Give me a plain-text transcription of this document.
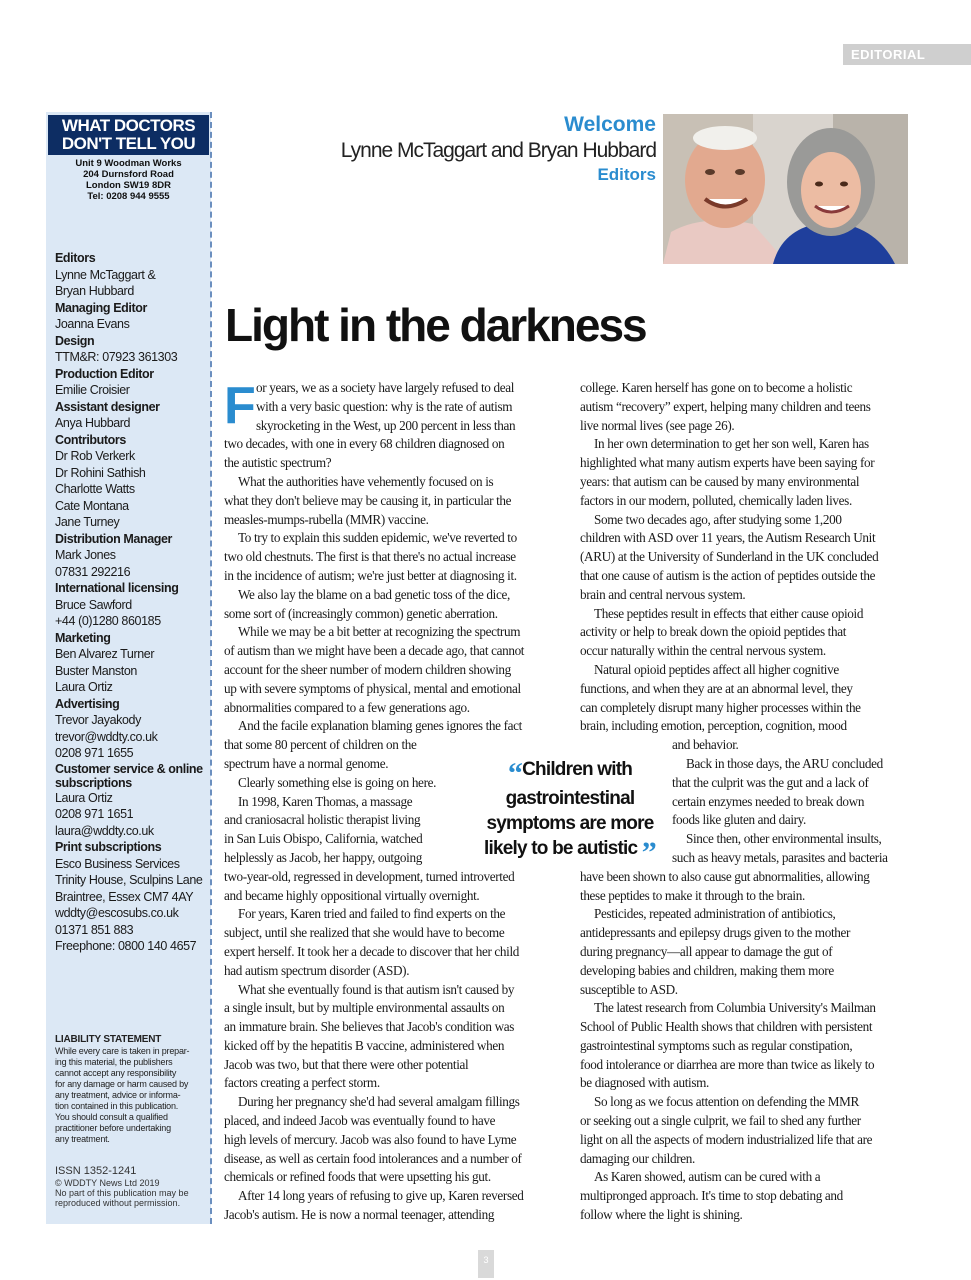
EDITORIAL
WHAT DOCTORS
DON'T TELL YOU
Unit 9 Woodman Works
204 Durnsford Road
London SW19 8DR
Tel: 0208 944 9555
Editors
Lynne McTaggart &
Bryan Hubbard
Managing Editor
Joanna Evans
Design
TTM&R: 07923 361303
Production Editor
Emilie Croisier
Assistant designer
Anya Hubbard
Contributors
Dr Rob Verkerk
Dr Rohini Sathish
Charlotte Watts
Cate Montana
Jane Turney
Distribution Manager
Mark Jones
07831 292216
International licensing
Bruce Sawford
+44 (0)1280 860185
Marketing
Ben Alvarez Turner
Buster Manston
Laura Ortiz
Advertising
Trevor Jayakody
trevor@wddty.co.uk
0208 971 1655
Customer service & online subscriptions
Laura Ortiz
0208 971 1651
laura@wddty.co.uk
Print subscriptions
Esco Business Services
Trinity House, Sculpins Lane
Braintree, Essex CM7 4AY
wddty@escosubs.co.uk
01371 851 883
Freephone: 0800 140 4657
LIABILITY STATEMENT
While every care is taken in prepar-
ing this material, the publishers
cannot accept any responsibility
for any damage or harm caused by
any treatment, advice or informa-
tion contained in this publication.
You should consult a qualified
practitioner before undertaking
any treatment.
ISSN 1352-1241
© WDDTY News Ltd 2019
No part of this publication may be
reproduced without permission.
Welcome
Lynne McTaggart and Bryan Hubbard
Editors
Light in the darkness
F or years, we as a society have largely refused to deal

with a very basic question: why is the rate of autism

skyrocketing in the West, up 200 percent in less than

two decades, with one in every 68 children diagnosed on

the autistic spectrum?

What the authorities have vehemently focused on is

what they don't believe may be causing it, in particular the

measles-mumps-rubella (MMR) vaccine.

To try to explain this sudden epidemic, we've reverted to

two old chestnuts. The first is that there's no actual increase

in the incidence of autism; we're just better at diagnosing it.

We also lay the blame on a bad genetic toss of the dice,

some sort of (increasingly common) genetic aberration.

While we may be a bit better at recognizing the spectrum

of autism than we might have been a decade ago, that cannot

account for the sheer number of modern children showing

up with severe symptoms of physical, mental and emotional

abnormalities compared to a few generations ago.

And the facile explanation blaming genes ignores the fact

that some 80 percent of children on the

spectrum have a normal genome.

Clearly something else is going on here.

In 1998, Karen Thomas, a massage

and craniosacral holistic therapist living

in San Luis Obispo, California, watched

helplessly as Jacob, her happy, outgoing

two-year-old, regressed in development, turned introverted

and became highly oppositional virtually overnight.

For years, Karen tried and failed to find experts on the

subject, until she realized that she would have to become

expert herself. It took her a decade to discover that her child

had autism spectrum disorder (ASD).

What she eventually found is that autism isn't caused by

a single insult, but by multiple environmental assaults on

an immature brain. She believes that Jacob's condition was

kicked off by the hepatitis B vaccine, administered when

Jacob was two, but that there were other potential

factors creating a perfect storm.

During her pregnancy she'd had several amalgam fillings

placed, and indeed Jacob was eventually found to have

high levels of mercury. Jacob was also found to have Lyme

disease, as well as certain food intolerances and a number of

chemicals or refined foods that were upsetting his gut.

After 14 long years of refusing to give up, Karen reversed

Jacob's autism. He is now a normal teenager, attending

college. Karen herself has gone on to become a holistic

autism “recovery” expert, helping many children and teens

live normal lives (see page 26).

In her own determination to get her son well, Karen has

highlighted what many autism experts have been saying for

years: that autism can be caused by many environmental

factors in our modern, polluted, chemically laden lives.

Some two decades ago, after studying some 1,200

children with ASD over 11 years, the Autism Research Unit

(ARU) at the University of Sunderland in the UK concluded

that one cause of autism is the action of peptides outside the

brain and central nervous system.

These peptides result in effects that either cause opioid

activity or help to break down the opioid peptides that

occur naturally within the central nervous system.

Natural opioid peptides affect all higher cognitive

functions, and when they are at an abnormal level, they

can completely disrupt many higher processes within the

brain, including emotion, perception, cognition, mood

and behavior.

Back in those days, the ARU concluded

that the culprit was the gut and a lack of

certain enzymes needed to break down

foods like gluten and dairy.

Since then, other environmental insults,

such as heavy metals, parasites and bacteria

have been shown to also cause gut abnormalities, allowing

these peptides to make it through to the brain.

Pesticides, repeated administration of antibiotics,

antidepressants and epilepsy drugs given to the mother

during pregnancy—all appear to damage the gut of

developing babies and children, making them more

susceptible to ASD.

The latest research from Columbia University's Mailman

School of Public Health shows that children with persistent

gastrointestinal symptoms such as regular constipation,

food intolerance or diarrhea are more than twice as likely to

be diagnosed with autism.

So long as we focus attention on defending the MMR

or seeking out a single culprit, we fail to shed any further

light on all the aspects of modern industrialized life that are

damaging our children.

As Karen showed, autism can be cured with a

multipronged approach. It's time to stop debating and

follow where the light is shining.

“Children with
gastrointestinal
symptoms are more
likely to be autistic ”
3
